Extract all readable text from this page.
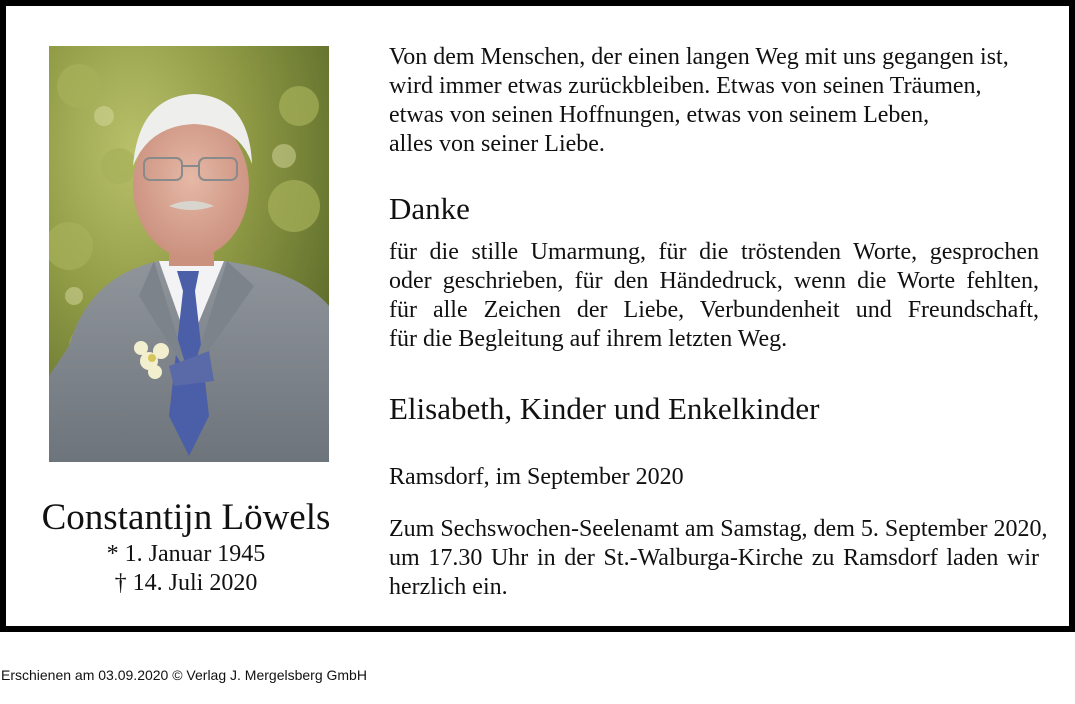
Constantijn Löwels
* 1. Januar 1945
† 14. Juli 2020
Von dem Menschen, der einen langen Weg mit uns gegangen ist,
wird immer etwas zurückbleiben. Etwas von seinen Träumen,
etwas von seinen Hoffnungen, etwas von seinem Leben,
alles von seiner Liebe.
Danke
für die stille Umarmung, für die tröstenden Worte, gesprochen
oder geschrieben, für den Händedruck, wenn die Worte fehlten,
für alle Zeichen der Liebe, Verbundenheit und Freundschaft,
für die Begleitung auf ihrem letzten Weg.
Elisabeth, Kinder und Enkelkinder
Ramsdorf, im September 2020
Zum Sechswochen-Seelenamt am Samstag, dem 5. September 2020,
um 17.30 Uhr in der St.-Walburga-Kirche zu Ramsdorf laden wir
herzlich ein.
Erschienen am 03.09.2020 © Verlag J. Mergelsberg GmbH
